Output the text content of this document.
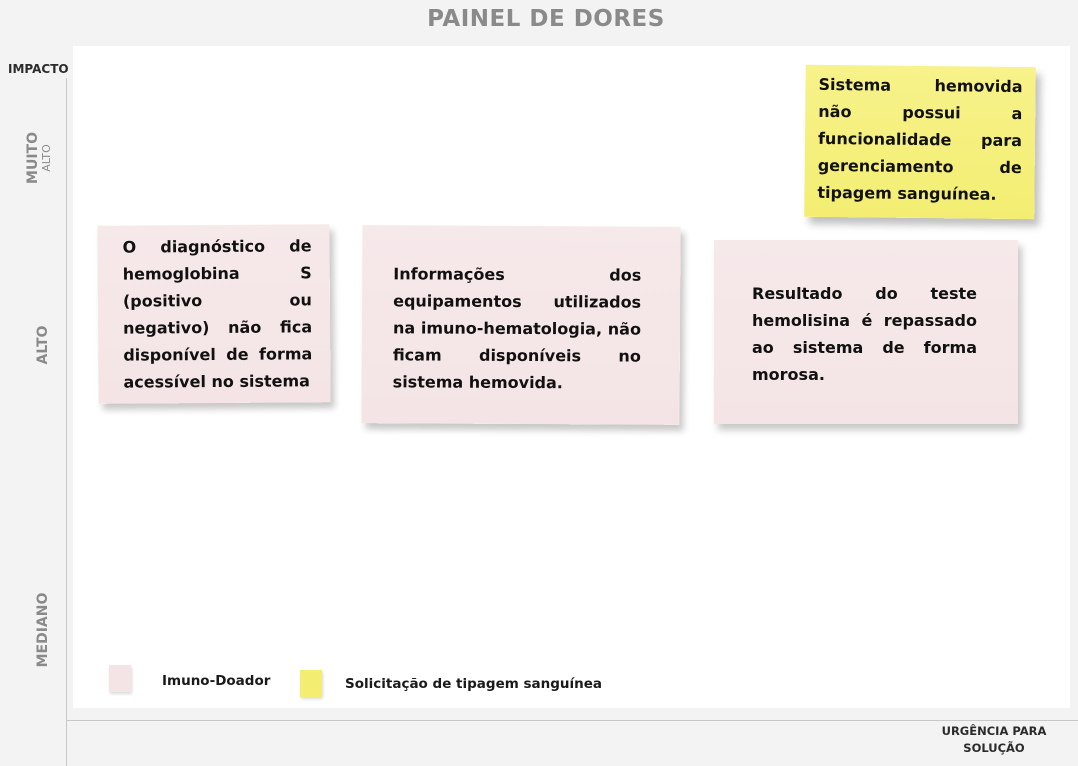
PAINEL DE DORES
IMPACTO
MUITO ALTO
ALTO
MEDIANO
URGÊNCIA PARA
SOLUÇÃO
O diagnóstico de hemoglobina S (positivo ou negativo) não fica disponível de forma acessível no sistema
Informações dos equipamentos utilizados na imuno-hematologia, não ficam disponíveis no sistema hemovida.
Resultado do teste hemolisina é repassado ao sistema de forma morosa.
Sistema hemovida não possui a funcionalidade para gerenciamento de tipagem sanguínea.
Imuno-Doador	Solicitação de tipagem sanguínea
